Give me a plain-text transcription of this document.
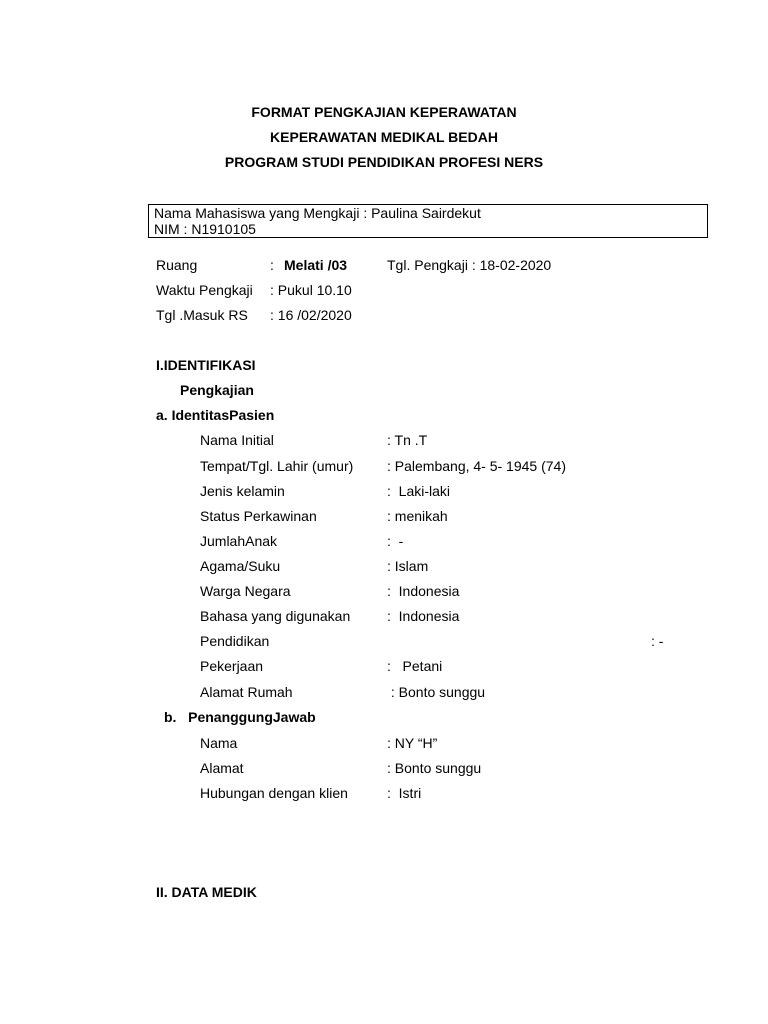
FORMAT PENGKAJIAN KEPERAWATAN
KEPERAWATAN MEDIKAL BEDAH
PROGRAM STUDI PENDIDIKAN PROFESI NERS
Nama Mahasiswa yang Mengkaji : Paulina Sairdekut
NIM : N1910105
Ruang	: Melati /03	Tgl. Pengkaji : 18-02-2020
Waktu Pengkaji : Pukul 10.10
Tgl .Masuk RS : 16 /02/2020
I.IDENTIFIKASI
Pengkajian
a. IdentitasPasien
Nama Initial	: Tn .T
Tempat/Tgl. Lahir (umur) : Palembang, 4- 5- 1945 (74)
Jenis kelamin	:  Laki-laki
Status Perkawinan	: menikah
JumlahAnak	:  -
Agama/Suku	: Islam
Warga Negara	:  Indonesia
Bahasa yang digunakan	:  Indonesia
Pendidikan	: -
Pekerjaan	:   Petani
Alamat Rumah	: Bonto sunggu
b.   PenanggungJawab
Nama	: NY “H”
Alamat	: Bonto sunggu
Hubungan dengan klien	:  Istri
II. DATA MEDIK
